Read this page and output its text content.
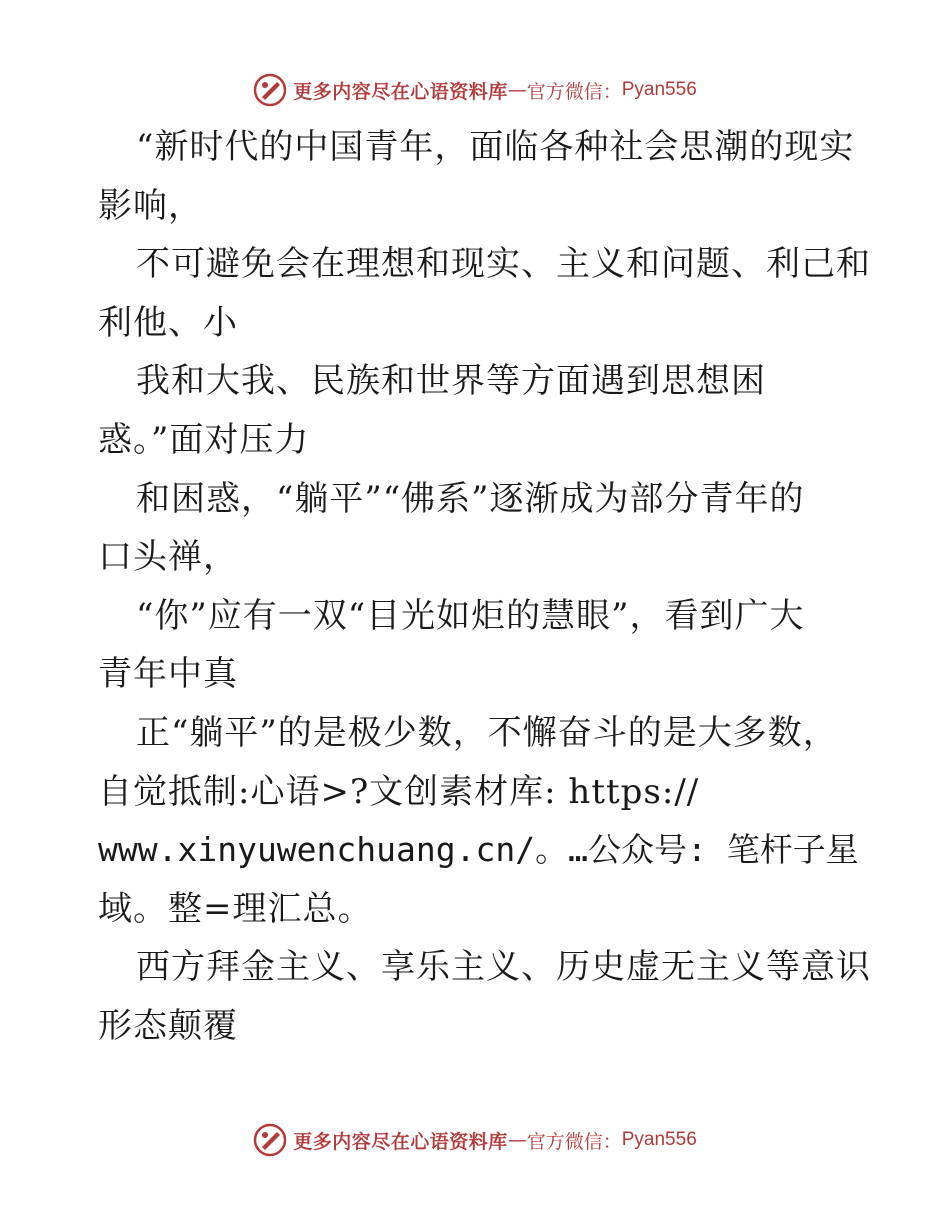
更多内容尽在心语资料库 — 官方微信： Pyan556
“新时代的中国青年，面临各种社会思潮的现实
影响，
不可避免会在理想和现实、主义和问题、利己和
利他、小
我和大我、民族和世界等方面遇到思想困
惑。”面对压力
和困惑，“躺平”“佛系”逐渐成为部分青年的
口头禅，
“你”应有一双“目光如炬的慧眼”，看到广大
青年中真
正“躺平”的是极少数，不懈奋斗的是大多数，
自觉抵制:心语>?文创素材库: https://
www.xinyuwenchuang.cn/。…公众号: 笔杆子星
域。整=理汇总。
西方拜金主义、享乐主义、历史虚无主义等意识
形态颠覆
更多内容尽在心语资料库 — 官方微信： Pyan556
